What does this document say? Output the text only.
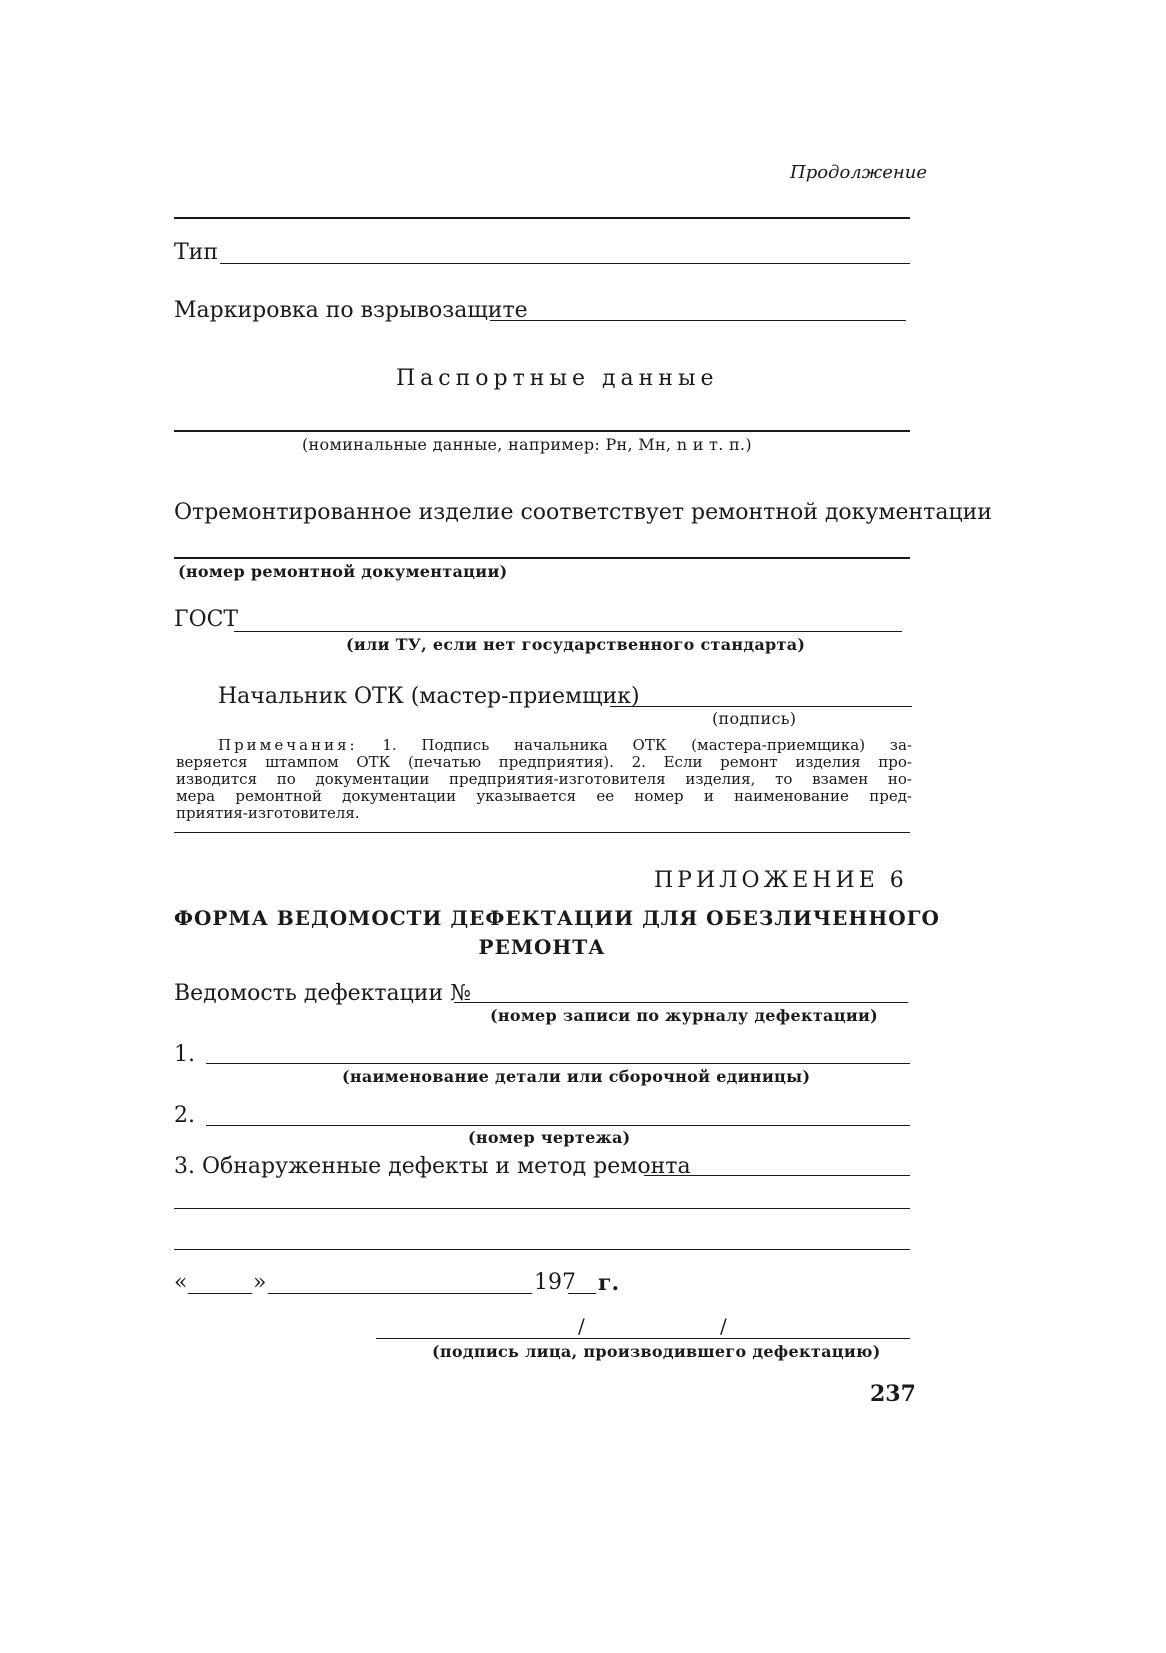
Продолжение
Тип
Маркировка по взрывозащите
Паспортные данные
(номинальные данные, например: Pн, Mн, n и т. п.)
Отремонтированное изделие соответствует ремонтной документации
(номер ремонтной документации)
ГОСТ
(или ТУ, если нет государственного стандарта)
Начальник ОТК (мастер-приемщик)
(подпись)
Примечания: 1. Подпись начальника ОТК (мастера-приемщика) за-
веряется штампом ОТК (печатью предприятия). 2. Если ремонт изделия про-
изводится по документации предприятия-изготовителя изделия, то взамен но-
мера ремонтной документации указывается ее номер и наименование пред-
приятия-изготовителя.
ПРИЛОЖЕНИЕ 6
ФОРМА ВЕДОМОСТИ ДЕФЕКТАЦИИ ДЛЯ ОБЕЗЛИЧЕННОГО
РЕМОНТА
Ведомость дефектации №
(номер записи по журналу дефектации)
1.
(наименование детали или сборочной единицы)
2.
(номер чертежа)
3. Обнаруженные дефекты и метод ремонта
«	»	197 г.
/	/
(подпись лица, производившего дефектацию)
237
